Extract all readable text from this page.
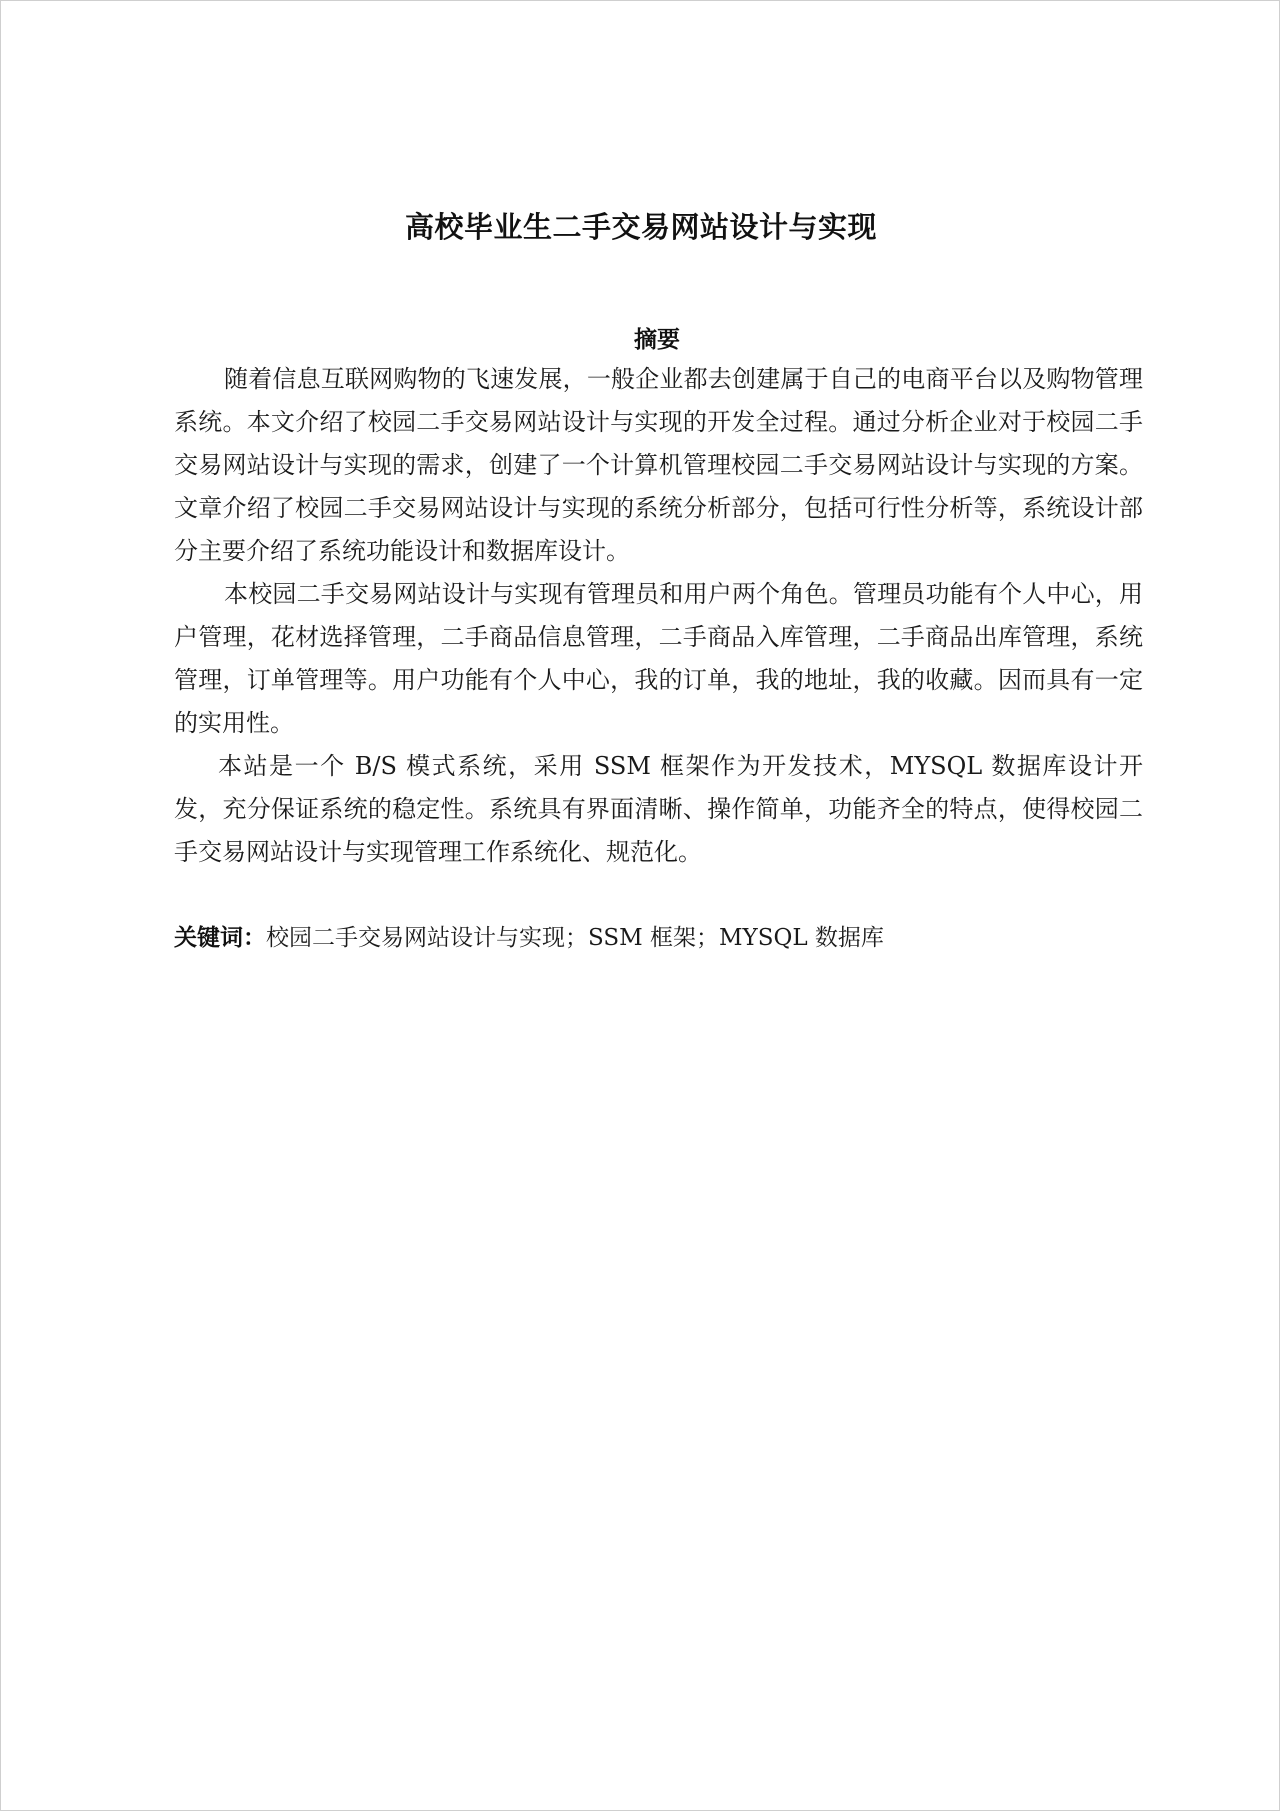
高校毕业生二手交易网站设计与实现
摘要

随着信息互联网购物的飞速发展，一般企业都去创建属于自己的电商平台以及购物管理系统。本文介绍了校园二手交易网站设计与实现的开发全过程。通过分析企业对于校园二手交易网站设计与实现的需求，创建了一个计算机管理校园二手交易网站设计与实现的方案。文章介绍了校园二手交易网站设计与实现的系统分析部分，包括可行性分析等，系统设计部分主要介绍了系统功能设计和数据库设计。

本校园二手交易网站设计与实现有管理员和用户两个角色。管理员功能有个人中心，用户管理，花材选择管理，二手商品信息管理，二手商品入库管理，二手商品出库管理，系统管理，订单管理等。用户功能有个人中心，我的订单，我的地址，我的收藏。因而具有一定的实用性。

本站是一个 B/S 模式系统，采用 SSM 框架作为开发技术，MYSQL 数据库设计开发，充分保证系统的稳定性。系统具有界面清晰、操作简单，功能齐全的特点，使得校园二手交易网站设计与实现管理工作系统化、规范化。

关键词：校园二手交易网站设计与实现；SSM 框架；MYSQL 数据库
